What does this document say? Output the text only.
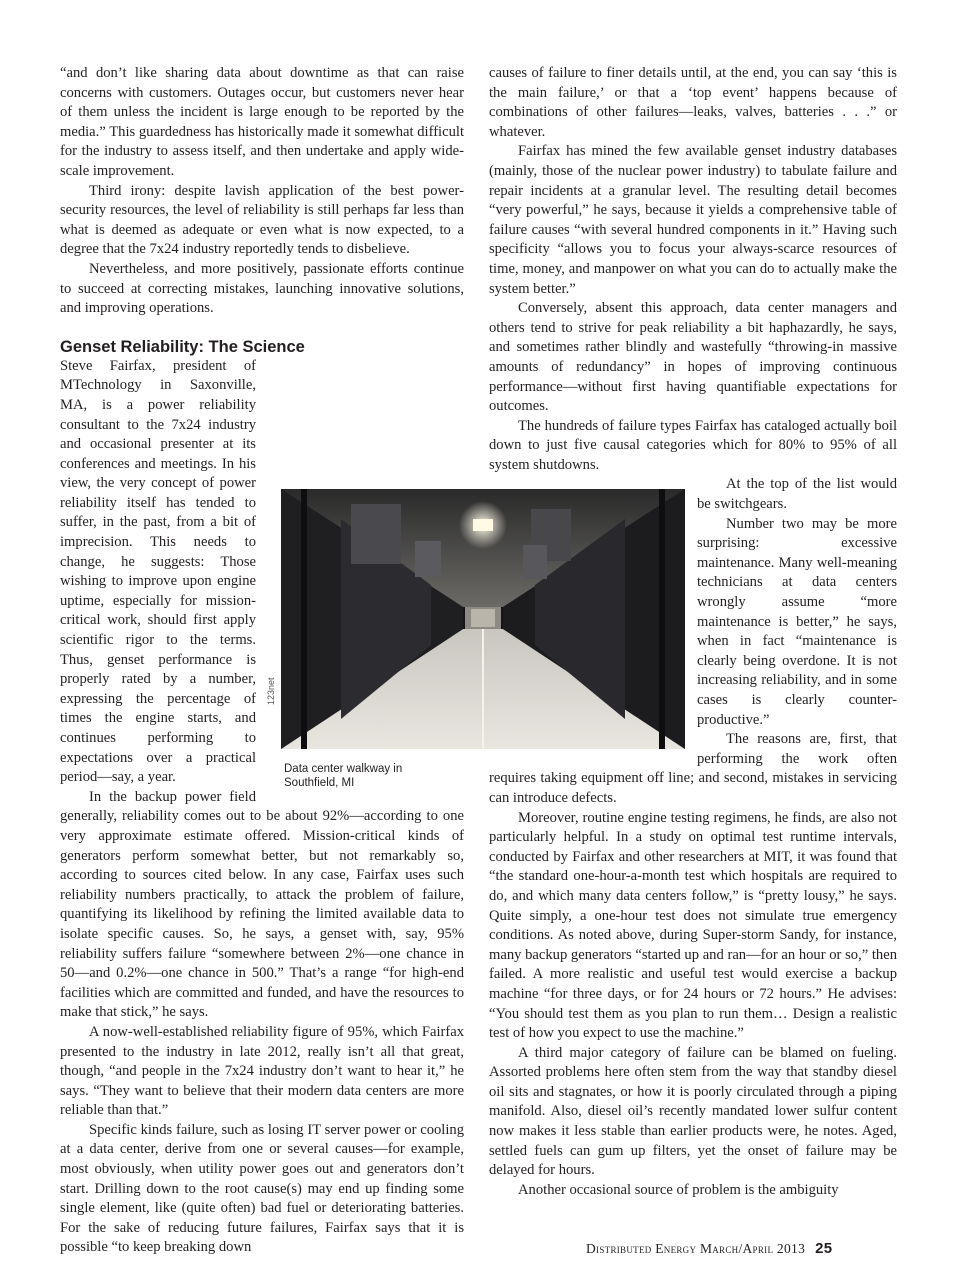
“and don’t like sharing data about downtime as that can raise concerns with customers. Outages occur, but customers never hear of them unless the incident is large enough to be reported by the media.” This guardedness has historically made it somewhat difficult for the industry to assess itself, and then undertake and apply wide-scale improvement.

Third irony: despite lavish application of the best power-security resources, the level of reliability is still perhaps far less than what is deemed as adequate or even what is now expected, to a degree that the 7x24 industry reportedly tends to disbelieve.

Nevertheless, and more positively, passionate efforts continue to succeed at correcting mistakes, launching innovative solutions, and improving operations.

Genset Reliability: The Science

Steve Fairfax, president of MTechnology in Saxonville, MA, is a power reliability consultant to the 7x24 industry and occasional presenter at its conferences and meetings. In his view, the very concept of power reliability itself has tended to suffer, in the past, from a bit of imprecision. This needs to change, he suggests: Those wishing to improve upon engine uptime, especially for mission-critical work, should first apply scientific rigor to the terms. Thus, genset performance is properly rated by a number, expressing the percentage of times the engine starts, and continues performing to expectations over a practical period—say, a year.

In the backup power field generally, reliability comes out to be about 92%—according to one very approximate estimate offered. Mission-critical kinds of generators perform somewhat better, but not remarkably so, according to sources cited below. In any case, Fairfax uses such reliability numbers practically, to attack the problem of failure, quantifying its likelihood by refining the limited available data to isolate specific causes. So, he says, a genset with, say, 95% reliability suffers failure “somewhere between 2%—one chance in 50—and 0.2%—one chance in 500.” That’s a range “for high-end facilities which are committed and funded, and have the resources to make that stick,” he says.

A now-well-established reliability figure of 95%, which Fairfax presented to the industry in late 2012, really isn’t all that great, though, “and people in the 7x24 industry don’t want to hear it,” he says. “They want to believe that their modern data centers are more reliable than that.”

Specific kinds failure, such as losing IT server power or cooling at a data center, derive from one or several causes—for example, most obviously, when utility power goes out and generators don’t start. Drilling down to the root cause(s) may end up finding some single element, like (quite often) bad fuel or deteriorating batteries. For the sake of reducing future failures, Fairfax says that it is possible “to keep breaking down

causes of failure to finer details until, at the end, you can say ‘this is the main failure,’ or that a ‘top event’ happens because of combinations of other failures—leaks, valves, batteries . . .” or whatever.

Fairfax has mined the few available genset industry databases (mainly, those of the nuclear power industry) to tabulate failure and repair incidents at a granular level. The resulting detail becomes “very powerful,” he says, because it yields a comprehensive table of failure causes “with several hundred components in it.” Having such specificity “allows you to focus your always-scarce resources of time, money, and manpower on what you can do to actually make the system better.”

Conversely, absent this approach, data center managers and others tend to strive for peak reliability a bit haphazardly, he says, and sometimes rather blindly and wastefully “throwing-in massive amounts of redundancy” in hopes of improving continuous performance—without first having quantifiable expectations for outcomes.

The hundreds of failure types Fairfax has cataloged actually boil down to just five causal categories which for 80% to 95% of all system shutdowns.

At the top of the list would be switchgears.

Number two may be more surprising: excessive maintenance. Many well-meaning technicians at data centers wrongly assume “more maintenance is better,” he says, when in fact “maintenance is clearly being overdone. It is not increasing reliability, and in some cases is clearly counter-productive.”

The reasons are, first, that performing the work often requires taking equipment off line; and second, mistakes in servicing can introduce defects.

Moreover, routine engine testing regimens, he finds, are also not particularly helpful. In a study on optimal test runtime intervals, conducted by Fairfax and other researchers at MIT, it was found that “the standard one-hour-a-month test which hospitals are required to do, and which many data centers follow,” is “pretty lousy,” he says. Quite simply, a one-hour test does not simulate true emergency conditions. As noted above, during Super-storm Sandy, for instance, many backup generators “started up and ran—for an hour or so,” then failed. A more realistic and useful test would exercise a backup machine “for three days, or for 24 hours or 72 hours.” He advises: “You should test them as you plan to run them… Design a realistic test of how you expect to use the machine.”

A third major category of failure can be blamed on fueling. Assorted problems here often stem from the way that standby diesel oil sits and stagnates, or how it is poorly circulated through a piping manifold. Also, diesel oil’s recently mandated lower sulfur content now makes it less stable than earlier products were, he notes. Aged, settled fuels can gum up filters, yet the onset of failure may be delayed for hours.

Another occasional source of problem is the ambiguity

123net
Data center walkway in Southfield, MI
Distributed Energy March/April 2013 25
